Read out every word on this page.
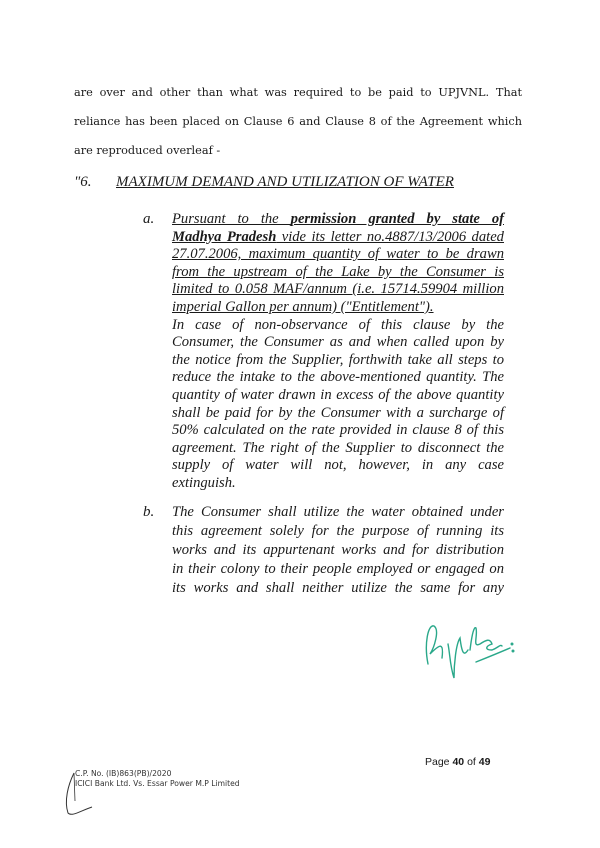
are over and other than what was required to be paid to UPJVNL. That
reliance has been placed on Clause 6 and Clause 8 of the Agreement which
are reproduced overleaf -
"6. MAXIMUM DEMAND AND UTILIZATION OF WATER
a. Pursuant to the permission granted by state of
Madhya Pradesh vide its letter no.4887/13/2006 dated
27.07.2006, maximum quantity of water to be drawn
from the upstream of the Lake by the Consumer is
limited to 0.058 MAF/annum (i.e. 15714.59904 million
imperial Gallon per annum) ("Entitlement").
In case of non-observance of this clause by the
Consumer, the Consumer as and when called upon by
the notice from the Supplier, forthwith take all steps to
reduce the intake to the above-mentioned quantity. The
quantity of water drawn in excess of the above quantity
shall be paid for by the Consumer with a surcharge of
50% calculated on the rate provided in clause 8 of this
agreement. The right of the Supplier to disconnect the
supply of water will not, however, in any case
extinguish.
b. The Consumer shall utilize the water obtained under
this agreement solely for the purpose of running its
works and its appurtenant works and for distribution
in their colony to their people employed or engaged on
its works and shall neither utilize the same for any
Page 40 of 49
C.P. No. (IB)863(PB)/2020
ICICI Bank Ltd. Vs. Essar Power M.P Limited
